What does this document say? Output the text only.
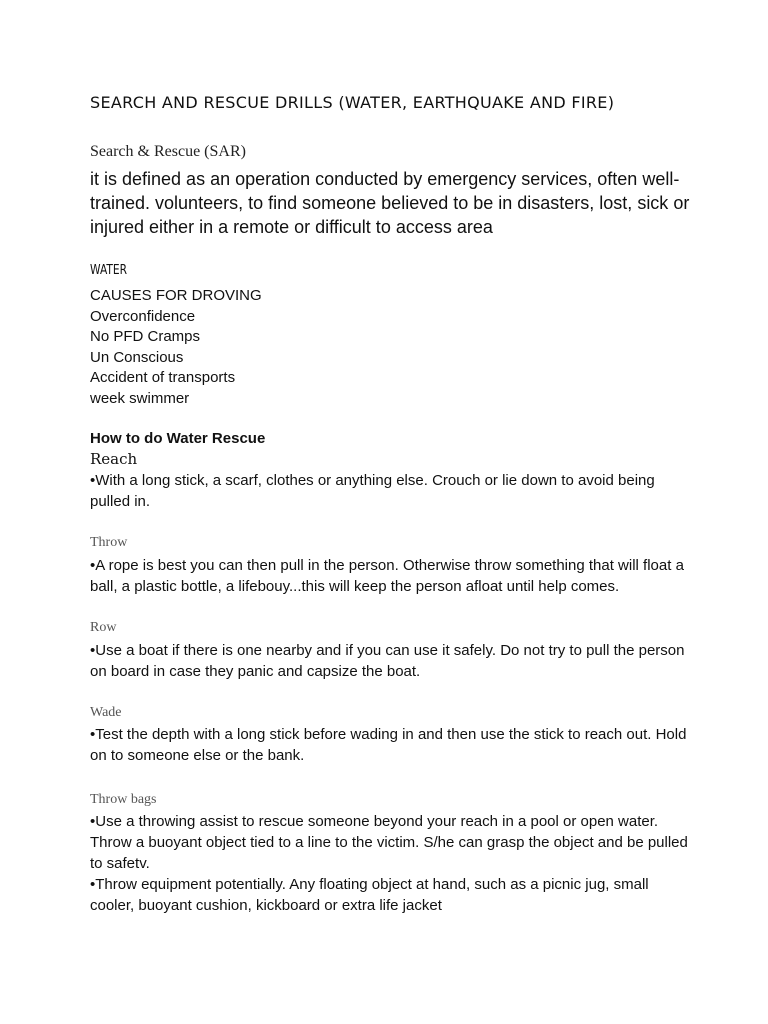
SEARCH AND RESCUE DRILLS (WATER, EARTHQUAKE AND FIRE)
Search & Rescue (SAR)
it is defined as an operation conducted by emergency services, often well-trained. volunteers, to find someone believed to be in disasters, lost, sick or injured either in a remote or difficult to access area
WATER
CAUSES FOR DROVING
Overconfidence
No PFD Cramps
Un Conscious
Accident of transports
week swimmer
How to do Water Rescue
Reach
•With a long stick, a scarf, clothes or anything else. Crouch or lie down to avoid being pulled in.
Throw
•A rope is best you can then pull in the person. Otherwise throw something that will float a ball, a plastic bottle, a lifebouy...this will keep the person afloat until help comes.
Row
•Use a boat if there is one nearby and if you can use it safely. Do not try to pull the person on board in case they panic and capsize the boat.
Wade
•Test the depth with a long stick before wading in and then use the stick to reach out. Hold on to someone else or the bank.
Throw bags
•Use a throwing assist to rescue someone beyond your reach in a pool or open water. Throw a buoyant object tied to a line to the victim. S/he can grasp the object and be pulled to safetv.
•Throw equipment potentially. Any floating object at hand, such as a picnic jug, small cooler, buoyant cushion, kickboard or extra life jacket
